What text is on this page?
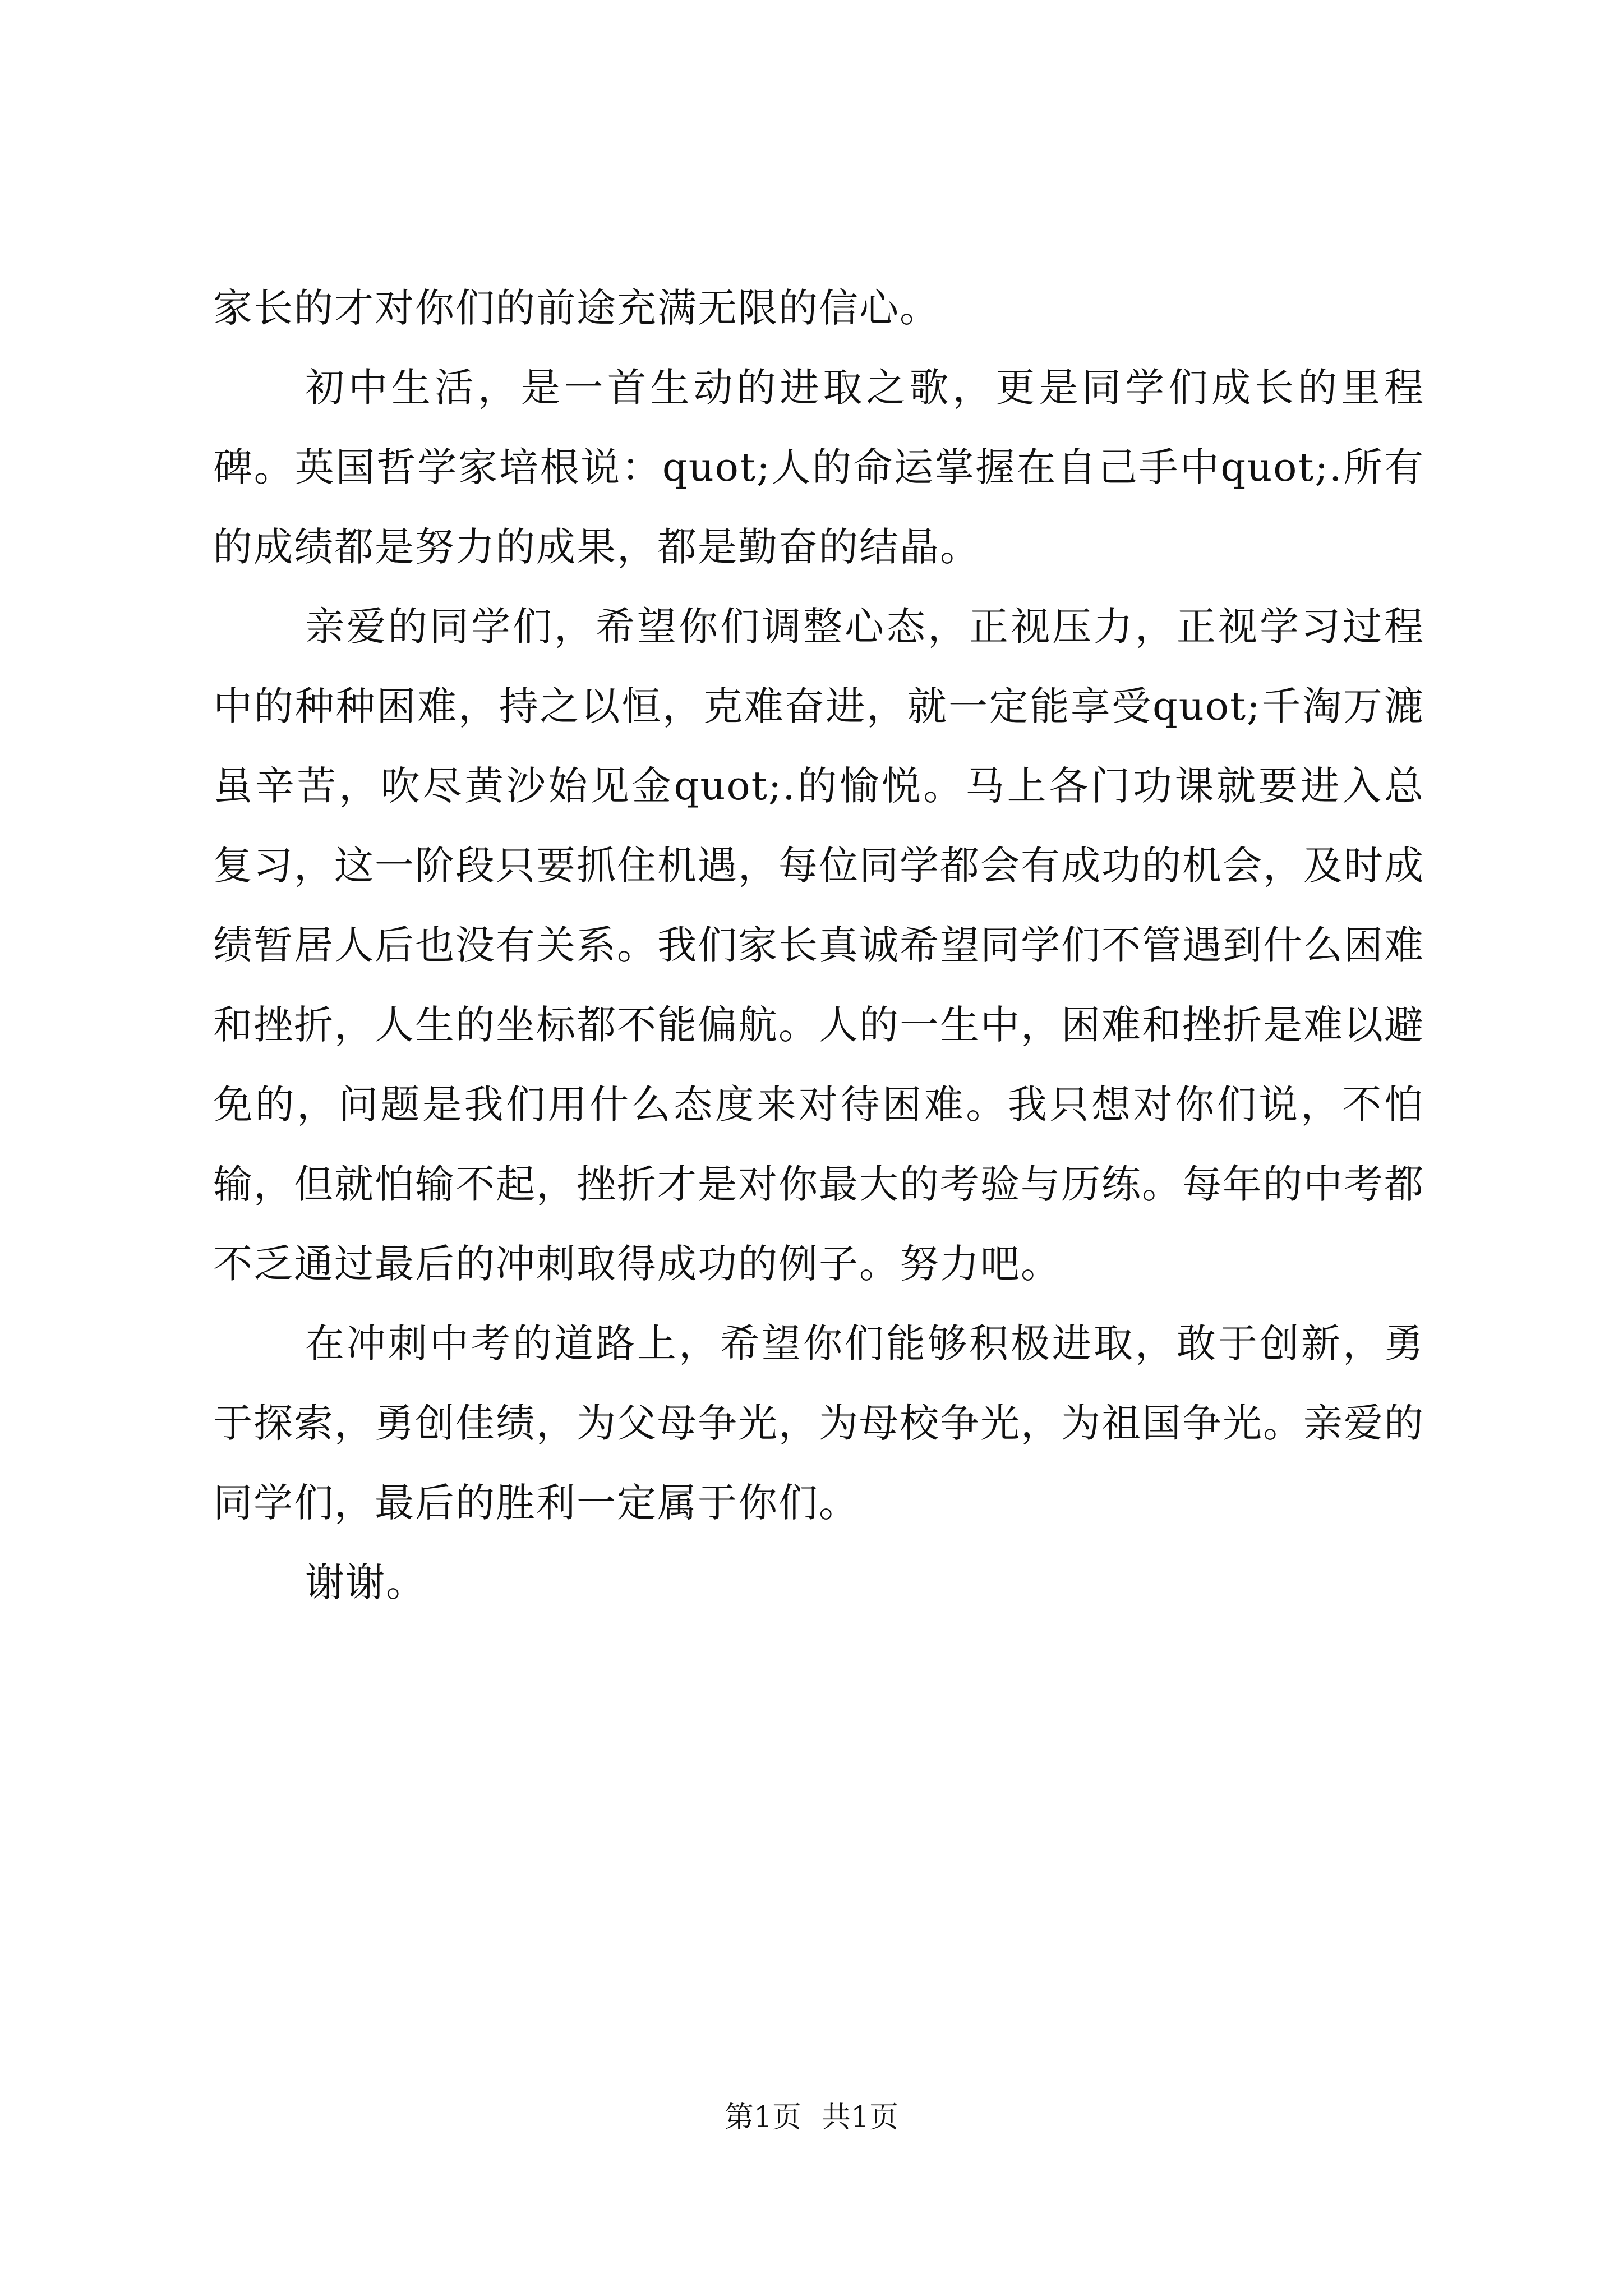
家长的才对你们的前途充满无限的信心。

初中生活，是一首生动的进取之歌，更是同学们成长的里程碑。英国哲学家培根说：quot;人的命运掌握在自己手中quot;.所有的成绩都是努力的成果，都是勤奋的结晶。

亲爱的同学们，希望你们调整心态，正视压力，正视学习过程中的种种困难，持之以恒，克难奋进，就一定能享受quot;千淘万漉虽辛苦，吹尽黄沙始见金quot;.的愉悦。马上各门功课就要进入总复习，这一阶段只要抓住机遇，每位同学都会有成功的机会，及时成绩暂居人后也没有关系。我们家长真诚希望同学们不管遇到什么困难和挫折，人生的坐标都不能偏航。人的一生中，困难和挫折是难以避免的，问题是我们用什么态度来对待困难。我只想对你们说，不怕输，但就怕输不起，挫折才是对你最大的考验与历练。每年的中考都不乏通过最后的冲刺取得成功的例子。努力吧。

在冲刺中考的道路上，希望你们能够积极进取，敢于创新，勇于探索，勇创佳绩，为父母争光，为母校争光，为祖国争光。亲爱的同学们，最后的胜利一定属于你们。

谢谢。

第1页 共1页
